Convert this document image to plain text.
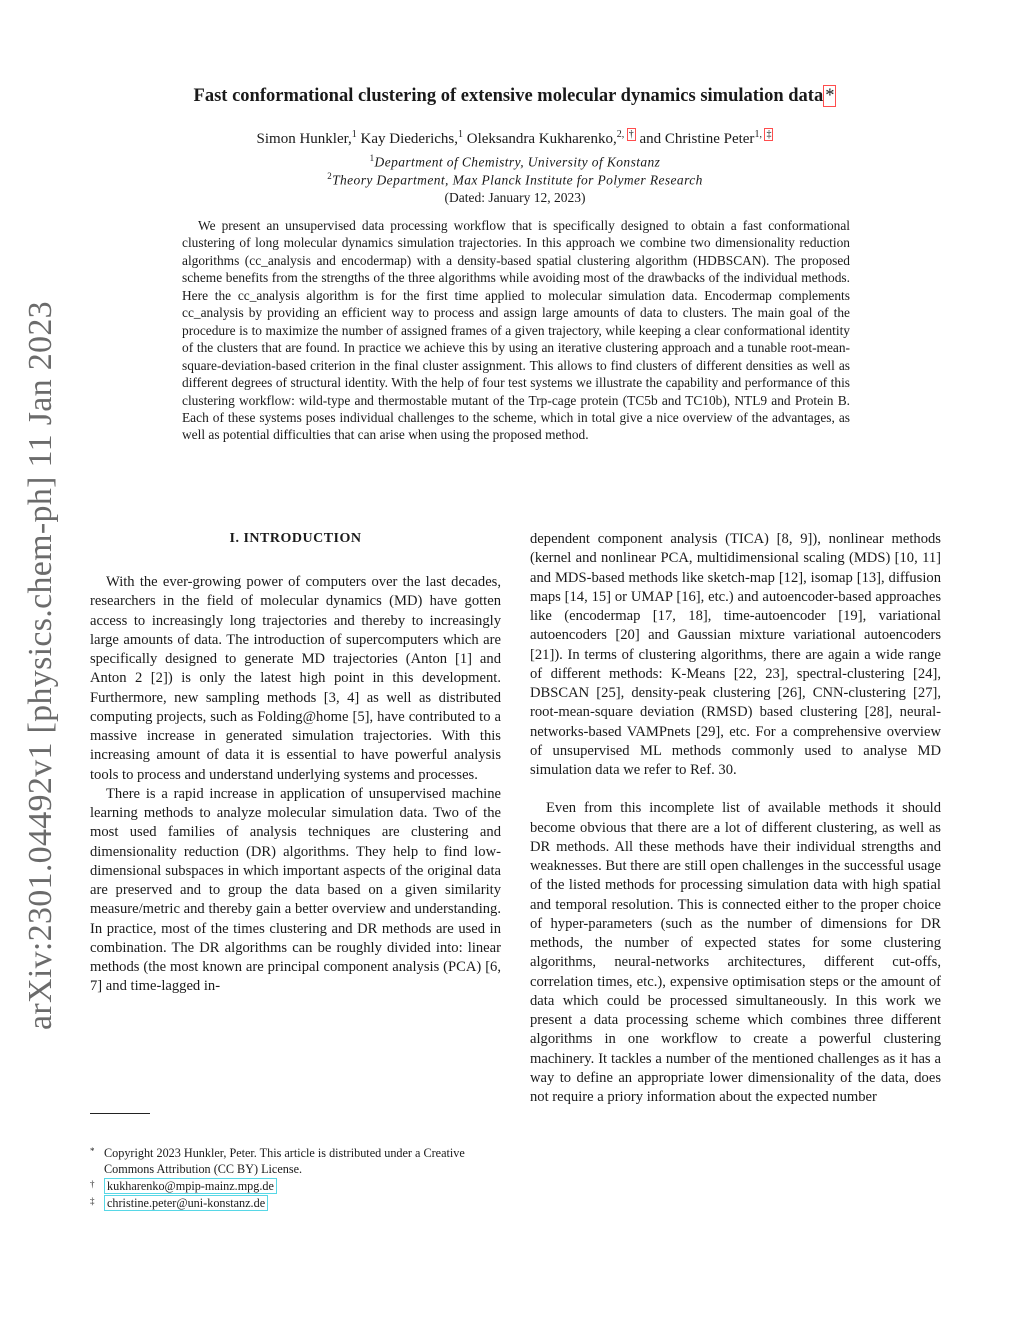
arXiv:2301.04492v1 [physics.chem-ph] 11 Jan 2023
Fast conformational clustering of extensive molecular dynamics simulation data *
Simon Hunkler,$^1$ Kay Diederichs,$^1$ Oleksandra Kukharenko,$^{2, \dagger}$ and Christine Peter$^{1, \ddagger}$
$^1$Department of Chemistry, University of Konstanz
$^2$Theory Department, Max Planck Institute for Polymer Research
(Dated: January 12, 2023)
We present an unsupervised data processing workflow that is specifically designed to obtain a fast conformational clustering of long molecular dynamics simulation trajectories. In this approach we combine two dimensionality reduction algorithms (cc_analysis and encodermap) with a density-based spatial clustering algorithm (HDBSCAN). The proposed scheme benefits from the strengths of the three algorithms while avoiding most of the drawbacks of the individual methods. Here the cc_analysis algorithm is for the first time applied to molecular simulation data. Encodermap complements cc_analysis by providing an efficient way to process and assign large amounts of data to clusters. The main goal of the procedure is to maximize the number of assigned frames of a given trajectory, while keeping a clear conformational identity of the clusters that are found. In practice we achieve this by using an iterative clustering approach and a tunable root-mean-square-deviation-based criterion in the final cluster assignment. This allows to find clusters of different densities as well as different degrees of structural identity. With the help of four test systems we illustrate the capability and performance of this clustering workflow: wild-type and thermostable mutant of the Trp-cage protein (TC5b and TC10b), NTL9 and Protein B. Each of these systems poses individual challenges to the scheme, which in total give a nice overview of the advantages, as well as potential difficulties that can arise when using the proposed method.
I. INTRODUCTION

With the ever-growing power of computers over the last decades, researchers in the field of molecular dynamics (MD) have gotten access to increasingly long trajectories and thereby to increasingly large amounts of data. The introduction of supercomputers which are specifically designed to generate MD trajectories (Anton [1] and Anton 2 [2]) is only the latest high point in this development. Furthermore, new sampling methods [3, 4] as well as distributed computing projects, such as Folding@home [5], have contributed to a massive increase in generated simulation trajectories. With this increasing amount of data it is essential to have powerful analysis tools to process and understand underlying systems and processes.

There is a rapid increase in application of unsupervised machine learning methods to analyze molecular simulation data. Two of the most used families of analysis techniques are clustering and dimensionality reduction (DR) algorithms. They help to find low-dimensional subspaces in which important aspects of the original data are preserved and to group the data based on a given similarity measure/metric and thereby gain a better overview and understanding. In practice, most of the times clustering and DR methods are used in combination. The DR algorithms can be roughly divided into: linear methods (the most known are principal component analysis (PCA) [6, 7] and time-lagged in-

dependent component analysis (TICA) [8, 9]), nonlinear methods (kernel and nonlinear PCA, multidimensional scaling (MDS) [10, 11] and MDS-based methods like sketch-map [12], isomap [13], diffusion maps [14, 15] or UMAP [16], etc.) and autoencoder-based approaches like (encodermap [17, 18], time-autoencoder [19], variational autoencoders [20] and Gaussian mixture variational autoencoders [21]). In terms of clustering algorithms, there are again a wide range of different methods: K-Means [22, 23], spectral-clustering [24], DBSCAN [25], density-peak clustering [26], CNN-clustering [27], root-mean-square deviation (RMSD) based clustering [28], neural-networks-based VAMPnets [29], etc. For a comprehensive overview of unsupervised ML methods commonly used to analyse MD simulation data we refer to Ref. 30.

Even from this incomplete list of available methods it should become obvious that there are a lot of different clustering, as well as DR methods. All these methods have their individual strengths and weaknesses. But there are still open challenges in the successful usage of the listed methods for processing simulation data with high spatial and temporal resolution. This is connected either to the proper choice of hyper-parameters (such as the number of dimensions for DR methods, the number of expected states for some clustering algorithms, neural-networks architectures, different cut-offs, correlation times, etc.), expensive optimisation steps or the amount of data which could be processed simultaneously. In this work we present a data processing scheme which combines three different algorithms in one workflow to create a powerful clustering machinery. It tackles a number of the mentioned challenges as it has a way to define an appropriate lower dimensionality of the data, does not require a priory information about the expected number

* Copyright 2023 Hunkler, Peter. This article is distributed under a Creative Commons Attribution (CC BY) License.
† kukharenko@mpip-mainz.mpg.de
‡ christine.peter@uni-konstanz.de
